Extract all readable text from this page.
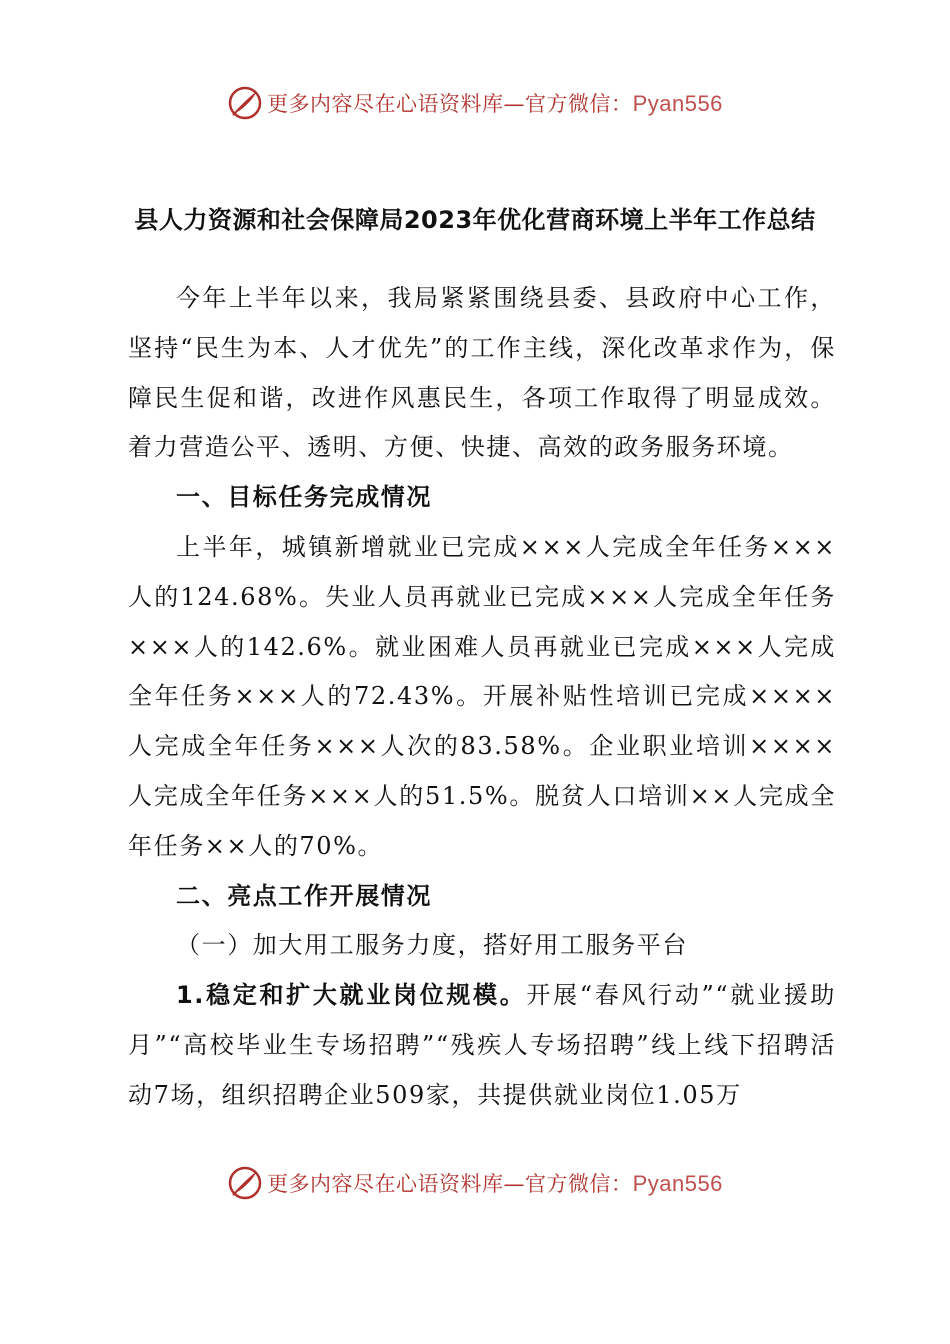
更多内容尽在心语资料库—官方微信：Pyan556
县人力资源和社会保障局2023年优化营商环境上半年工作总结

今年上半年以来，我局紧紧围绕县委、县政府中心工作，坚持“民生为本、人才优先”的工作主线，深化改革求作为，保障民生促和谐，改进作风惠民生，各项工作取得了明显成效。着力营造公平、透明、方便、快捷、高效的政务服务环境。

一、目标任务完成情况

上半年，城镇新增就业已完成×××人完成全年任务×××人的124.68%。失业人员再就业已完成×××人完成全年任务×××人的142.6%。就业困难人员再就业已完成×××人完成全年任务×××人的72.43%。开展补贴性培训已完成××××人完成全年任务×××人次的83.58%。企业职业培训××××人完成全年任务×××人的51.5%。脱贫人口培训××人完成全年任务××人的70%。

二、亮点工作开展情况

（一）加大用工服务力度，搭好用工服务平台

1.稳定和扩大就业岗位规模。开展“春风行动”“就业援助月”“高校毕业生专场招聘”“残疾人专场招聘”线上线下招聘活动7场，组织招聘企业509家，共提供就业岗位1.05万

更多内容尽在心语资料库—官方微信：Pyan556
